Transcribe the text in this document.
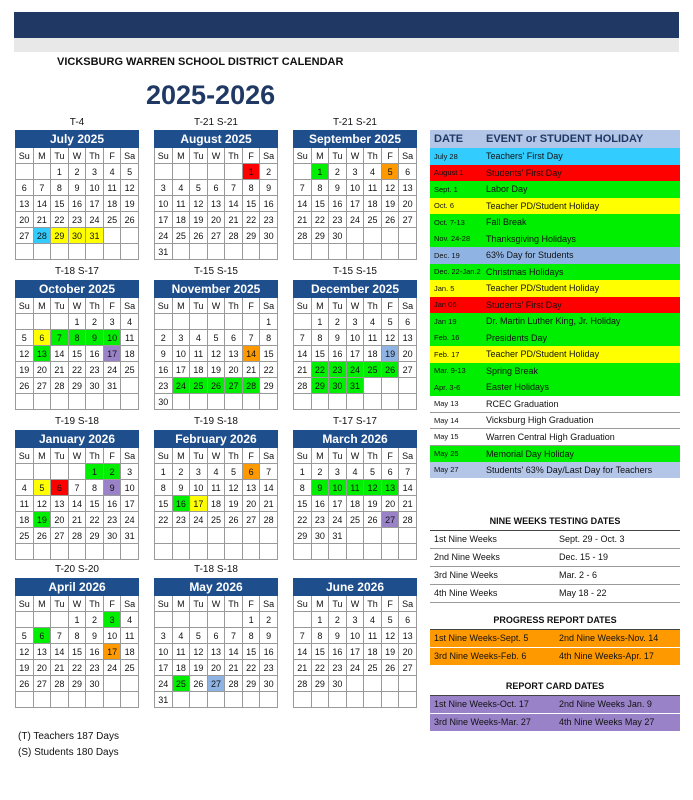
VICKSBURG WARREN SCHOOL DISTRICT CALENDAR
2025-2026
T-4
July 2025						
Su	M	Tu	W	Th	F	Sa
		1	2	3	4	5
6	7	8	9	10	11	12
13	14	15	16	17	18	19
20	21	22	23	24	25	26
27	28	29	30	31		

T-21 S-21
August 2025						
Su	M	Tu	W	Th	F	Sa
					1	2
3	4	5	6	7	8	9
10	11	12	13	14	15	16
17	18	19	20	21	22	23
24	25	26	27	28	29	30
31						
T-21 S-21
September 2025						
Su	M	Tu	W	Th	F	Sa
	1	2	3	4	5	6
7	8	9	10	11	12	13
14	15	16	17	18	19	20
21	22	23	24	25	26	27
28	29	30				

T-18 S-17
October 2025						
Su	M	Tu	W	Th	F	Sa
			1	2	3	4
5	6	7	8	9	10	11
12	13	14	15	16	17	18
19	20	21	22	23	24	25
26	27	28	29	30	31	

T-15 S-15
November 2025						
Su	M	Tu	W	Th	F	Sa
						1
2	3	4	5	6	7	8
9	10	11	12	13	14	15
16	17	18	19	20	21	22
23	24	25	26	27	28	29
30						
T-15 S-15
December 2025						
Su	M	Tu	W	Th	F	Sa
	1	2	3	4	5	6
7	8	9	10	11	12	13
14	15	16	17	18	19	20
21	22	23	24	25	26	27
28	29	30	31			

T-19 S-18
January 2026						
Su	M	Tu	W	Th	F	Sa
				1	2	3
4	5	6	7	8	9	10
11	12	13	14	15	16	17
18	19	20	21	22	23	24
25	26	27	28	29	30	31

T-19 S-18
February 2026						
Su	M	Tu	W	Th	F	Sa
1	2	3	4	5	6	7
8	9	10	11	12	13	14
15	16	17	18	19	20	21
22	23	24	25	26	27	28

T-17 S-17
March 2026						
Su	M	Tu	W	Th	F	Sa
1	2	3	4	5	6	7
8	9	10	11	12	13	14
15	16	17	18	19	20	21
22	23	24	25	26	27	28
29	30	31				

T-20 S-20
April 2026						
Su	M	Tu	W	Th	F	Sa
			1	2	3	4
5	6	7	8	9	10	11
12	13	14	15	16	17	18
19	20	21	22	23	24	25
26	27	28	29	30		

T-18 S-18
May 2026						
Su	M	Tu	W	Th	F	Sa
					1	2
3	4	5	6	7	8	9
10	11	12	13	14	15	16
17	18	19	20	21	22	23
24	25	26	27	28	29	30
31						
June 2026						
Su	M	Tu	W	Th	F	Sa
	1	2	3	4	5	6
7	8	9	10	11	12	13
14	15	16	17	18	19	20
21	22	23	24	25	26	27
28	29	30				

DATE	EVENT or STUDENT HOLIDAY
July 28	Teachers' First Day
August 1	Students' First Day
Sept. 1	Labor Day
Oct. 6	Teacher PD/Student Holiday
Oct. 7-13	Fall Break
Nov. 24-28	Thanksgiving Holidays
Dec. 19	63% Day for Students
Dec. 22-Jan.2	Christmas Holidays
Jan. 5	Teacher PD/Student Holiday
Jan 06	Students' First Day
Jan 19	Dr. Martin Luther King, Jr. Holiday
Feb. 16	Presidents Day
Feb. 17	Teacher PD/Student Holiday
Mar. 9-13	Spring Break
Apr. 3-6	Easter Holidays
May 13	RCEC Graduation
May 14	Vicksburg High Graduation
May 15	Warren Central High Graduation
May 25	Memorial Day Holiday
May 27	Students' 63% Day/Last Day for Teachers
NINE WEEKS TESTING DATES	
1st Nine Weeks	Sept. 29 - Oct. 3
2nd Nine Weeks	Dec. 15 - 19
3rd Nine Weeks	Mar. 2 - 6
4th Nine Weeks	May 18 - 22
PROGRESS REPORT DATES	
1st Nine Weeks-Sept. 5	2nd Nine Weeks-Nov. 14
3rd Nine Weeks-Feb. 6	4th Nine Weeks-Apr. 17
REPORT CARD DATES	
1st Nine Weeks-Oct. 17	2nd Nine Weeks Jan. 9
3rd Nine Weeks-Mar. 27	4th Nine Weeks May 27
(T) Teachers 187 Days
(S) Students 180 Days
